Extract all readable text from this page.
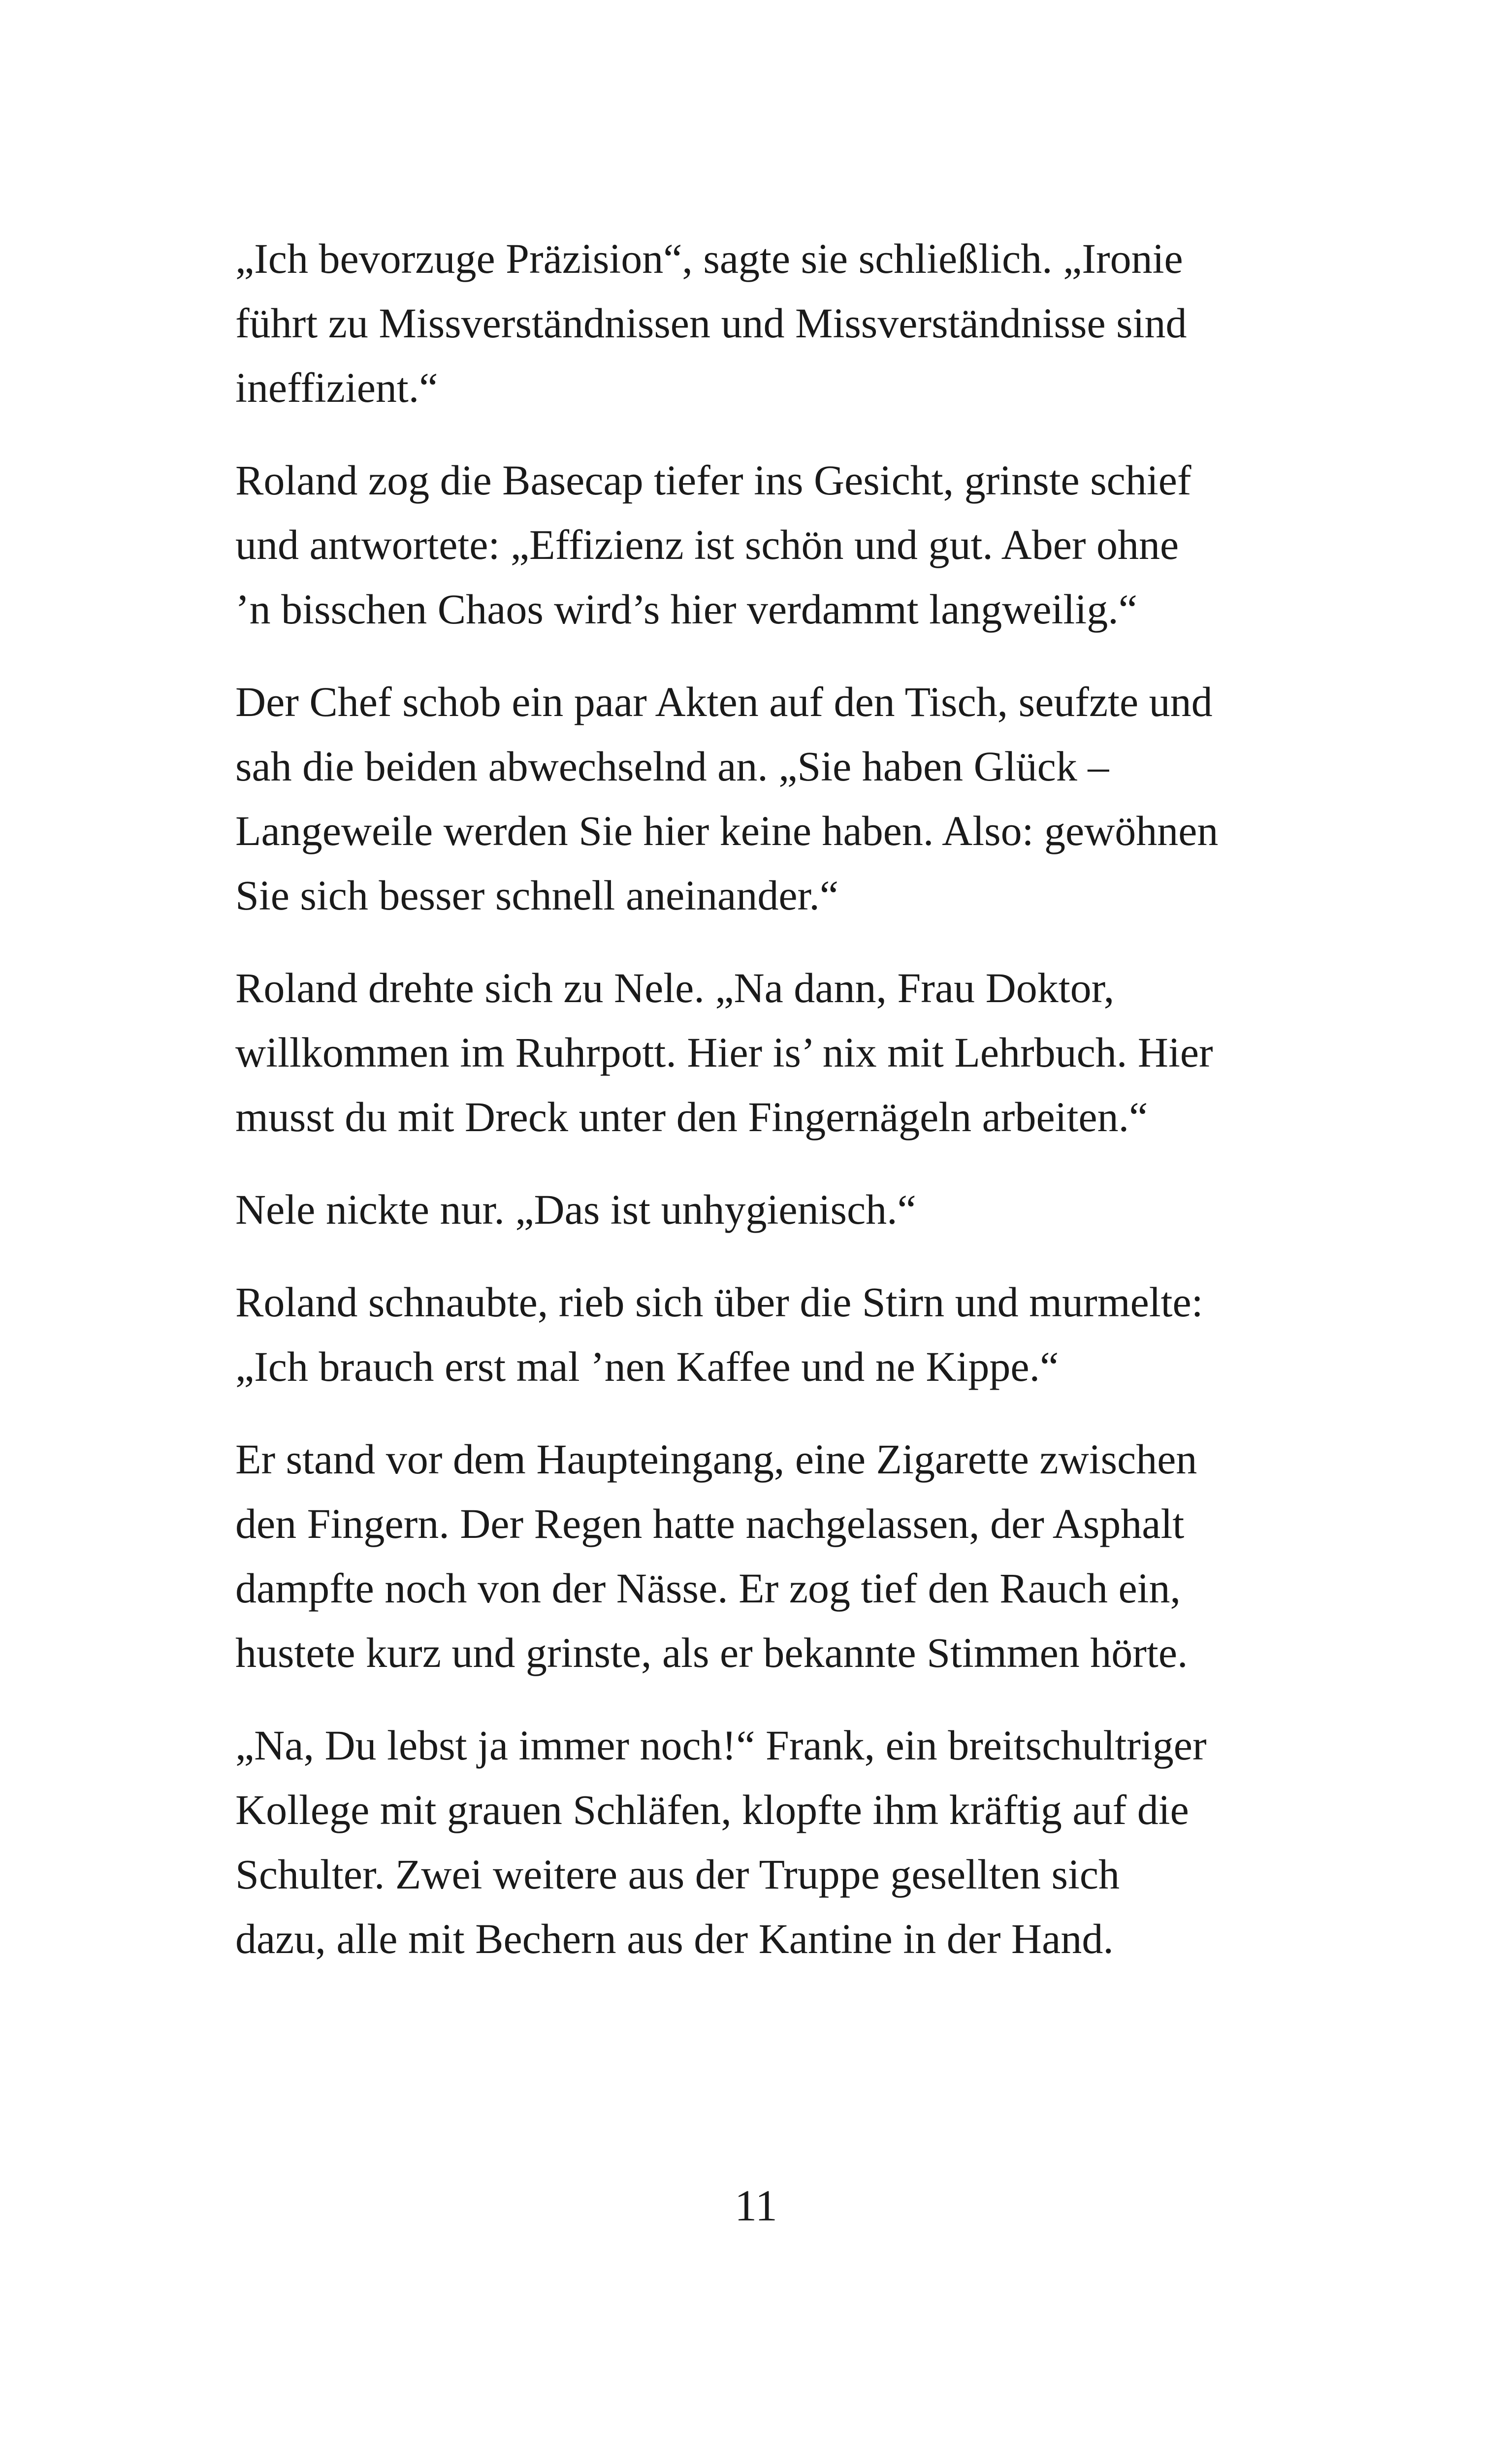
„Ich bevorzuge Präzision“, sagte sie schließlich. „Ironie
führt zu Missverständnissen und Missverständnisse sind
ineffizient.“

Roland zog die Basecap tiefer ins Gesicht, grinste schief
und antwortete: „Effizienz ist schön und gut. Aber ohne
’n bisschen Chaos wird’s hier verdammt langweilig.“

Der Chef schob ein paar Akten auf den Tisch, seufzte und
sah die beiden abwechselnd an. „Sie haben Glück –
Langeweile werden Sie hier keine haben. Also: gewöhnen
Sie sich besser schnell aneinander.“

Roland drehte sich zu Nele. „Na dann, Frau Doktor,
willkommen im Ruhrpott. Hier is’ nix mit Lehrbuch. Hier
musst du mit Dreck unter den Fingernägeln arbeiten.“

Nele nickte nur. „Das ist unhygienisch.“

Roland schnaubte, rieb sich über die Stirn und murmelte:
„Ich brauch erst mal ’nen Kaffee und ne Kippe.“

Er stand vor dem Haupteingang, eine Zigarette zwischen
den Fingern. Der Regen hatte nachgelassen, der Asphalt
dampfte noch von der Nässe. Er zog tief den Rauch ein,
hustete kurz und grinste, als er bekannte Stimmen hörte.

„Na, Du lebst ja immer noch!“ Frank, ein breitschultriger
Kollege mit grauen Schläfen, klopfte ihm kräftig auf die
Schulter. Zwei weitere aus der Truppe gesellten sich
dazu, alle mit Bechern aus der Kantine in der Hand.

11
